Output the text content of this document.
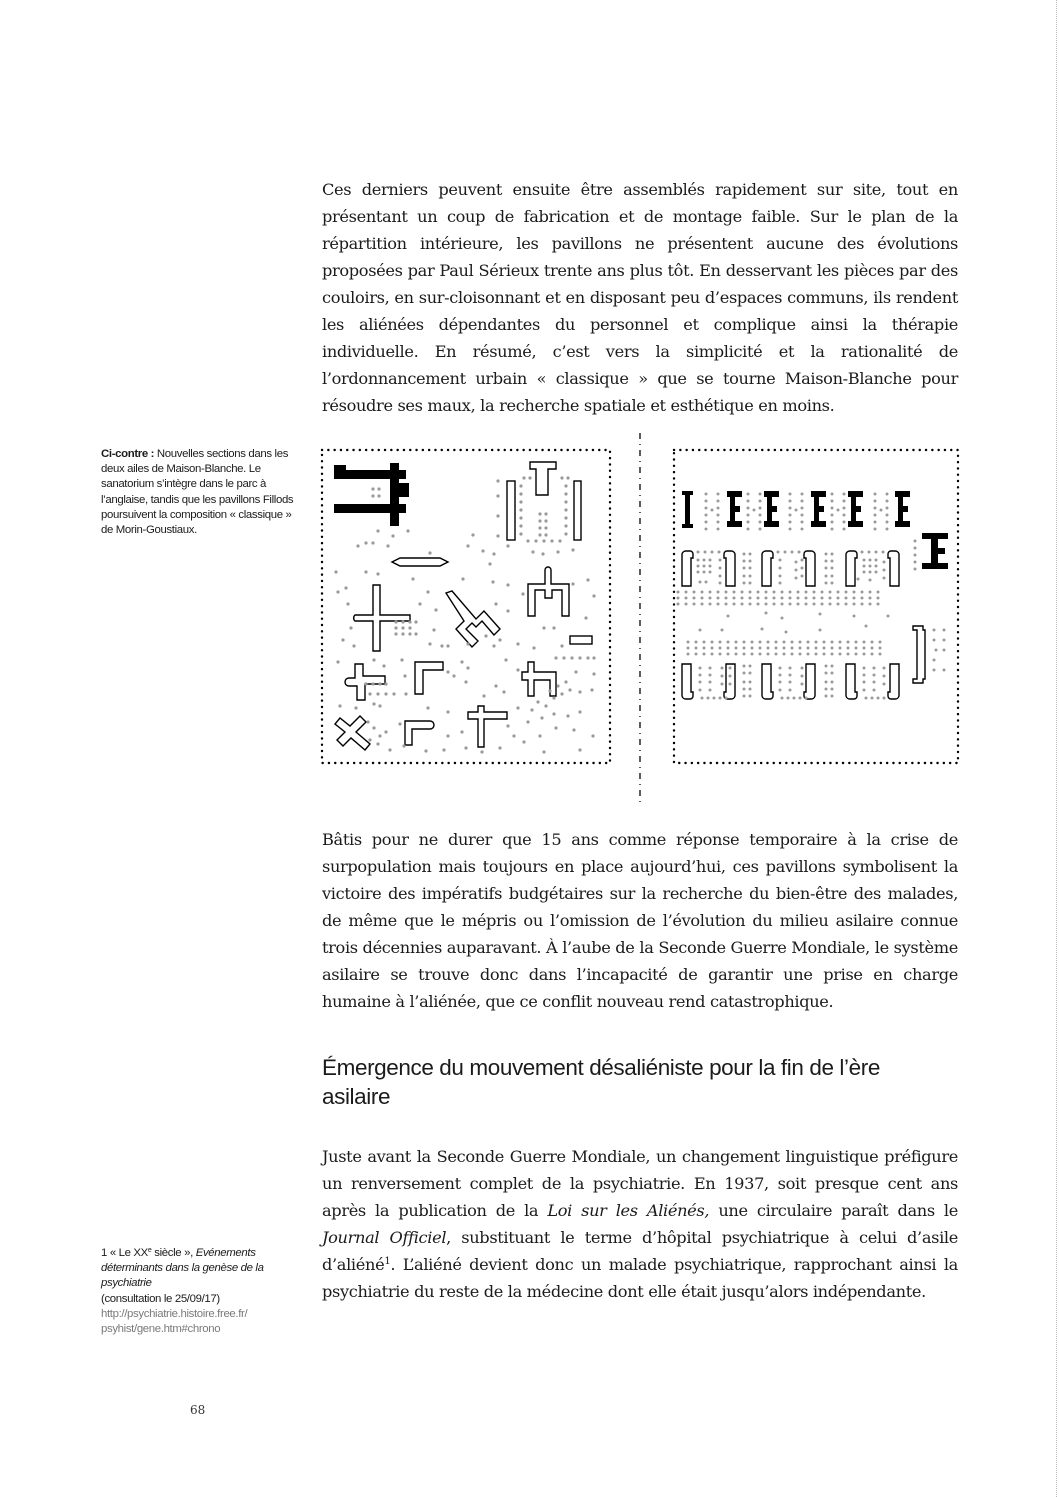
Ces derniers peuvent ensuite être assemblés rapidement sur site, tout en présentant un coup de fabrication et de montage faible. Sur le plan de la répartition intérieure, les pavillons ne présentent aucune des évolutions proposées par Paul Sérieux trente ans plus tôt. En desservant les pièces par des couloirs, en sur-cloisonnant et en disposant peu d’espaces communs, ils rendent les aliénées dépendantes du personnel et complique ainsi la thérapie individuelle. En résumé, c’est vers la simplicité et la rationalité de l’ordonnancement urbain « classique » que se tourne Maison-Blanche pour résoudre ses maux, la recherche spatiale et esthétique en moins.

Ci-contre : Nouvelles sections dans les deux ailes de Maison-Blanche. Le sanatorium s’intègre dans le parc à l’anglaise, tandis que les pavillons Fillods poursuivent la composition « classique » de Morin-Goustiaux.

Bâtis pour ne durer que 15 ans comme réponse temporaire à la crise de surpopulation mais toujours en place aujourd’hui, ces pavillons symbolisent la victoire des impératifs budgétaires sur la recherche du bien-être des malades, de même que le mépris ou l’omission de l’évolution du milieu asilaire connue trois décennies auparavant. À l’aube de la Seconde Guerre Mondiale, le système asilaire se trouve donc dans l’incapacité de garantir une prise en charge humaine à l’aliénée, que ce conflit nouveau rend catastrophique.

Émergence du mouvement désaliéniste pour la fin de l’ère asilaire

Juste avant la Seconde Guerre Mondiale, un changement linguistique préfigure un renversement complet de la psychiatrie. En 1937, soit presque cent ans après la publication de la Loi sur les Aliénés, une circulaire paraît dans le Journal Officiel, substituant le terme d’hôpital psychiatrique à celui d’asile d’aliéné$^1$. L’aliéné devient donc un malade psychiatrique, rapprochant ainsi la psychiatrie du reste de la médecine dont elle était jusqu’alors indépendante.

1 « Le XXe siècle », Evénements déterminants dans la genèse de la psychiatrie
(consultation le 25/09/17)
http://psychiatrie.histoire.free.fr/
psyhist/gene.htm#chrono

68
